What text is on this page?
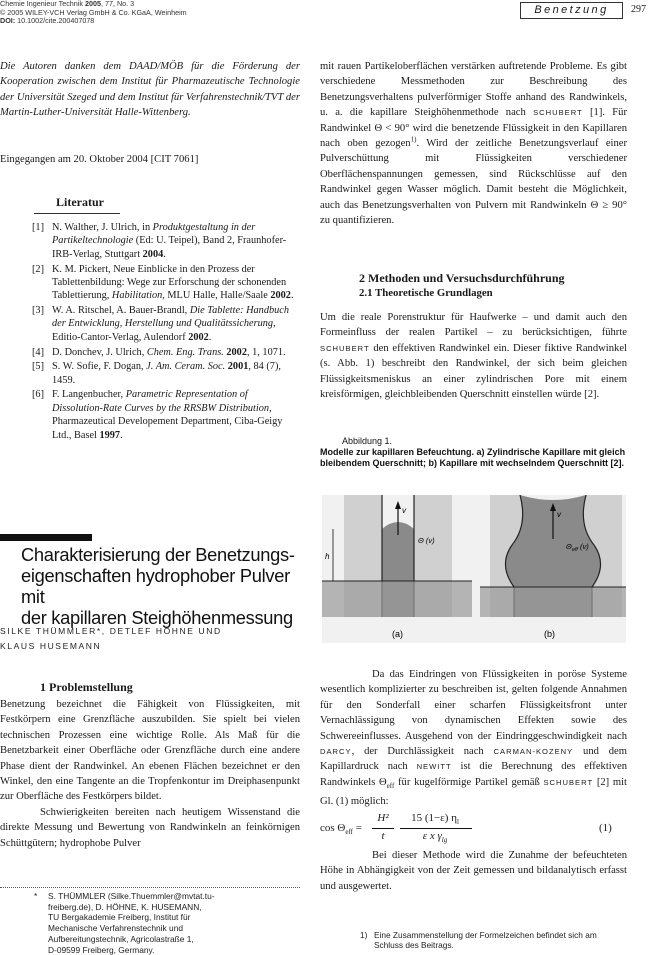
Chemie Ingenieur Technik 2005, 77, No. 3
© 2005 WILEY-VCH Verlag GmbH & Co. KGaA, Weinheim
DOI: 10.1002/cite.200407078
Benetzung	297
Die Autoren danken dem DAAD/MÖB für die Förderung der Kooperation zwischen dem Institut für Pharmazeutische Technologie der Universität Szeged und dem Institut für Verfahrenstechnik/TVT der Martin-Luther-Universität Halle-Wittenberg.
Eingegangen am 20. Oktober 2004 [CIT 7061]
Literatur
[1] N. Walther, J. Ulrich, in Produktgestaltung in der Partikeltechnologie (Ed: U. Teipel), Band 2, Fraunhofer-IRB-Verlag, Stuttgart 2004.
[2] K. M. Pickert, Neue Einblicke in den Prozess der Tablettenbildung: Wege zur Erforschung der schonenden Tablettierung, Habilitation, MLU Halle, Halle/Saale 2002.
[3] W. A. Ritschel, A. Bauer-Brandl, Die Tablette: Handbuch der Entwicklung, Herstellung und Qualitätssicherung, Editio-Cantor-Verlag, Aulendorf 2002.
[4] D. Donchev, J. Ulrich, Chem. Eng. Trans. 2002, 1, 1071.
[5] S. W. Sofie, F. Dogan, J. Am. Ceram. Soc. 2001, 84 (7), 1459.
[6] F. Langenbucher, Parametric Representation of Dissolution-Rate Curves by the RRSBW Distribution, Pharmazeutical Developement Department, Ciba-Geigy Ltd., Basel 1997.
Charakterisierung der Benetzungs-
eigenschaften hydrophober Pulver mit
der kapillaren Steighöhenmessung
SILKE THÜMMLER*, DETLEF HÖHNE UND
KLAUS HUSEMANN
1 Problemstellung

Benetzung bezeichnet die Fähigkeit von Flüssigkeiten, mit Festkörpern eine Grenzfläche auszubilden. Sie spielt bei vielen technischen Prozessen eine wichtige Rolle. Als Maß für die Benetzbarkeit einer Oberfläche oder Grenzfläche durch eine andere Phase dient der Randwinkel. An ebenen Flächen bezeichnet er den Winkel, den eine Tangente an die Tropfenkontur im Dreiphasenpunkt zur Oberfläche des Festkörpers bildet.

Schwierigkeiten bereiten nach heutigem Wissenstand die direkte Messung und Bewertung von Randwinkeln an feinkörnigen Schüttgütern; hydrophobe Pulver

* S. THÜMMLER (Silke.Thuemmler@mvtat.tu-
freiberg.de), D. HÖHNE, K. HUSEMANN,
TU Bergakademie Freiberg, Institut für
Mechanische Verfahrenstechnik und
Aufbereitungstechnik, Agricolastraße 1,
D-09599 Freiberg, Germany.
mit rauen Partikeloberflächen verstärken auftretende Probleme. Es gibt verschiedene Messmethoden zur Beschreibung des Benetzungsverhaltens pulverförmiger Stoffe anhand des Randwinkels, u. a. die kapillare Steighöhenmethode nach SCHUBERT [1]. Für Randwinkel Θ < 90° wird die benetzende Flüssigkeit in den Kapillaren nach oben gezogen$^{1)}$. Wird der zeitliche Benetzungsverlauf einer Pulverschüttung mit Flüssigkeiten verschiedener Oberflächenspannungen gemessen, sind Rückschlüsse auf den Randwinkel gegen Wasser möglich. Damit besteht die Möglichkeit, auch das Benetzungsverhalten von Pulvern mit Randwinkeln Θ ≥ 90° zu quantifizieren.
2 Methoden und Versuchsdurchführung
2.1 Theoretische Grundlagen
Um die reale Porenstruktur für Haufwerke – und damit auch den Formeinfluss der realen Partikel – zu berücksichtigen, führte SCHUBERT den effektiven Randwinkel ein. Dieser fiktive Randwinkel (s. Abb. 1) beschreibt den Randwinkel, der sich beim gleichen Flüssigkeitsmeniskus an einer zylindrischen Pore mit einem kreisförmigen, gleichbleibenden Querschnitt einstellen würde [2].
Abbildung 1.
Modelle zur kapillaren Befeuchtung. a) Zylindrische Kapillare mit gleich bleibendem Querschnitt; b) Kapillare mit wechselndem Querschnitt [2].
v
h
Θ (v)
(a)
v
$\Theta_{eff}$ (v)
(b)

Da das Eindringen von Flüssigkeiten in poröse Systeme wesentlich komplizierter zu beschreiben ist, gelten folgende Annahmen für den Sonderfall einer scharfen Flüssigkeitsfront unter Vernachlässigung von dynamischen Effekten sowie des Schwereeinflusses. Ausgehend von der Eindringgeschwindigkeit nach DARCY, der Durchlässigkeit nach CARMAN-KOZENY und dem Kapillardruck nach NEWITT ist die Berechnung des effektiven Randwinkels $\Theta_{eff}$ für kugelförmige Partikel gemäß SCHUBERT [2] mit Gl. (1) möglich:

$\cos \Theta_{eff}$ =
H²
t
15 (1−ε) $\eta_l$
ε x $\gamma_{lg}$
(1)

Bei dieser Methode wird die Zunahme der befeuchteten Höhe in Abhängigkeit von der Zeit gemessen und bildanalytisch erfasst und ausgewertet.

1) Eine Zusammenstellung der Formelzeichen befindet sich am Schluss des Beitrags.
